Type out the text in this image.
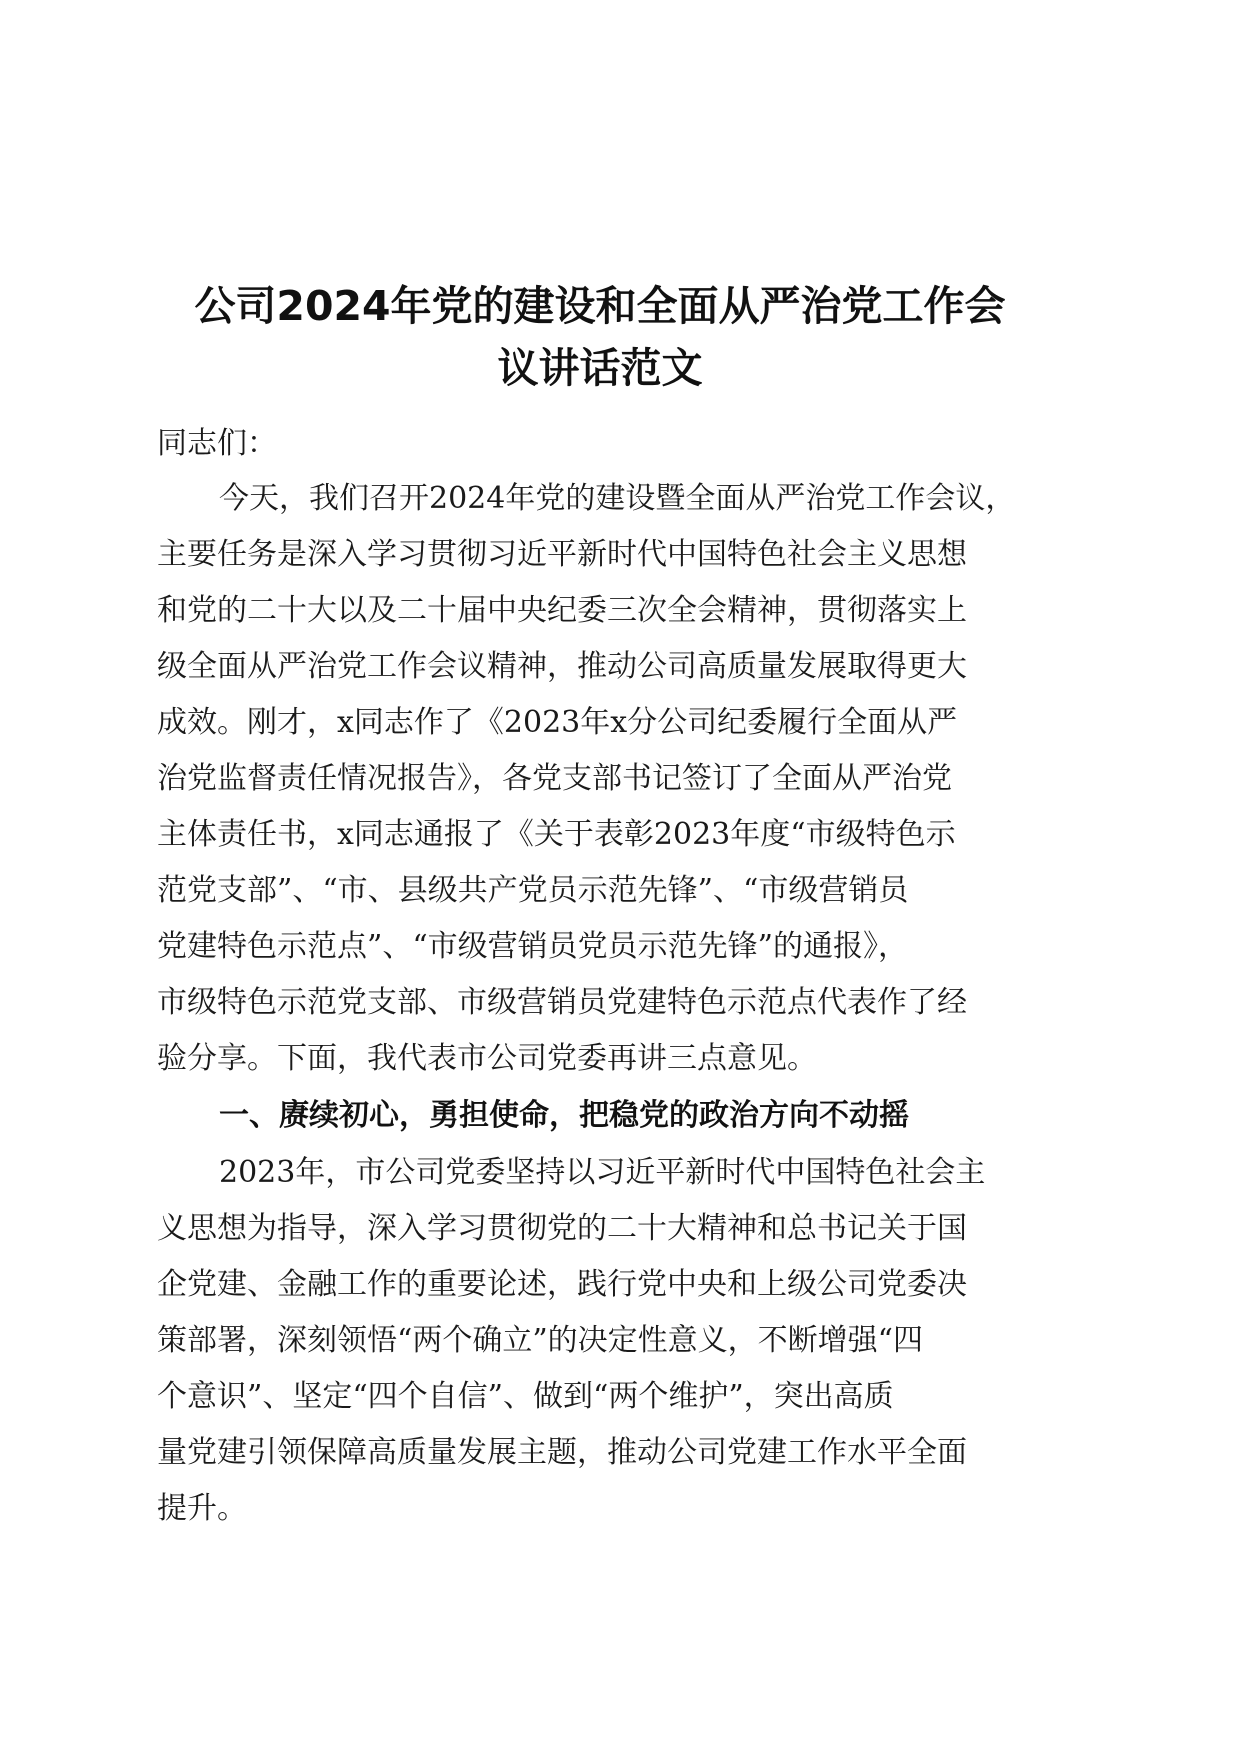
公司2024年党的建设和全面从严治党工作会
议讲话范文
同志们：
今天，我们召开2024年党的建设暨全面从严治党工作会议，
主要任务是深入学习贯彻习近平新时代中国特色社会主义思想
和党的二十大以及二十届中央纪委三次全会精神，贯彻落实上
级全面从严治党工作会议精神，推动公司高质量发展取得更大
成效。刚才，x同志作了《2023年x分公司纪委履行全面从严
治党监督责任情况报告》，各党支部书记签订了全面从严治党
主体责任书，x同志通报了《关于表彰2023年度“市级特色示
范党支部”、“市、县级共产党员示范先锋”、“市级营销员
党建特色示范点”、“市级营销员党员示范先锋”的通报》，
市级特色示范党支部、市级营销员党建特色示范点代表作了经
验分享。下面，我代表市公司党委再讲三点意见。
一、赓续初心，勇担使命，把稳党的政治方向不动摇
2023年，市公司党委坚持以习近平新时代中国特色社会主
义思想为指导，深入学习贯彻党的二十大精神和总书记关于国
企党建、金融工作的重要论述，践行党中央和上级公司党委决
策部署，深刻领悟“两个确立”的决定性意义，不断增强“四
个意识”、坚定“四个自信”、做到“两个维护”，突出高质
量党建引领保障高质量发展主题，推动公司党建工作水平全面
提升。
